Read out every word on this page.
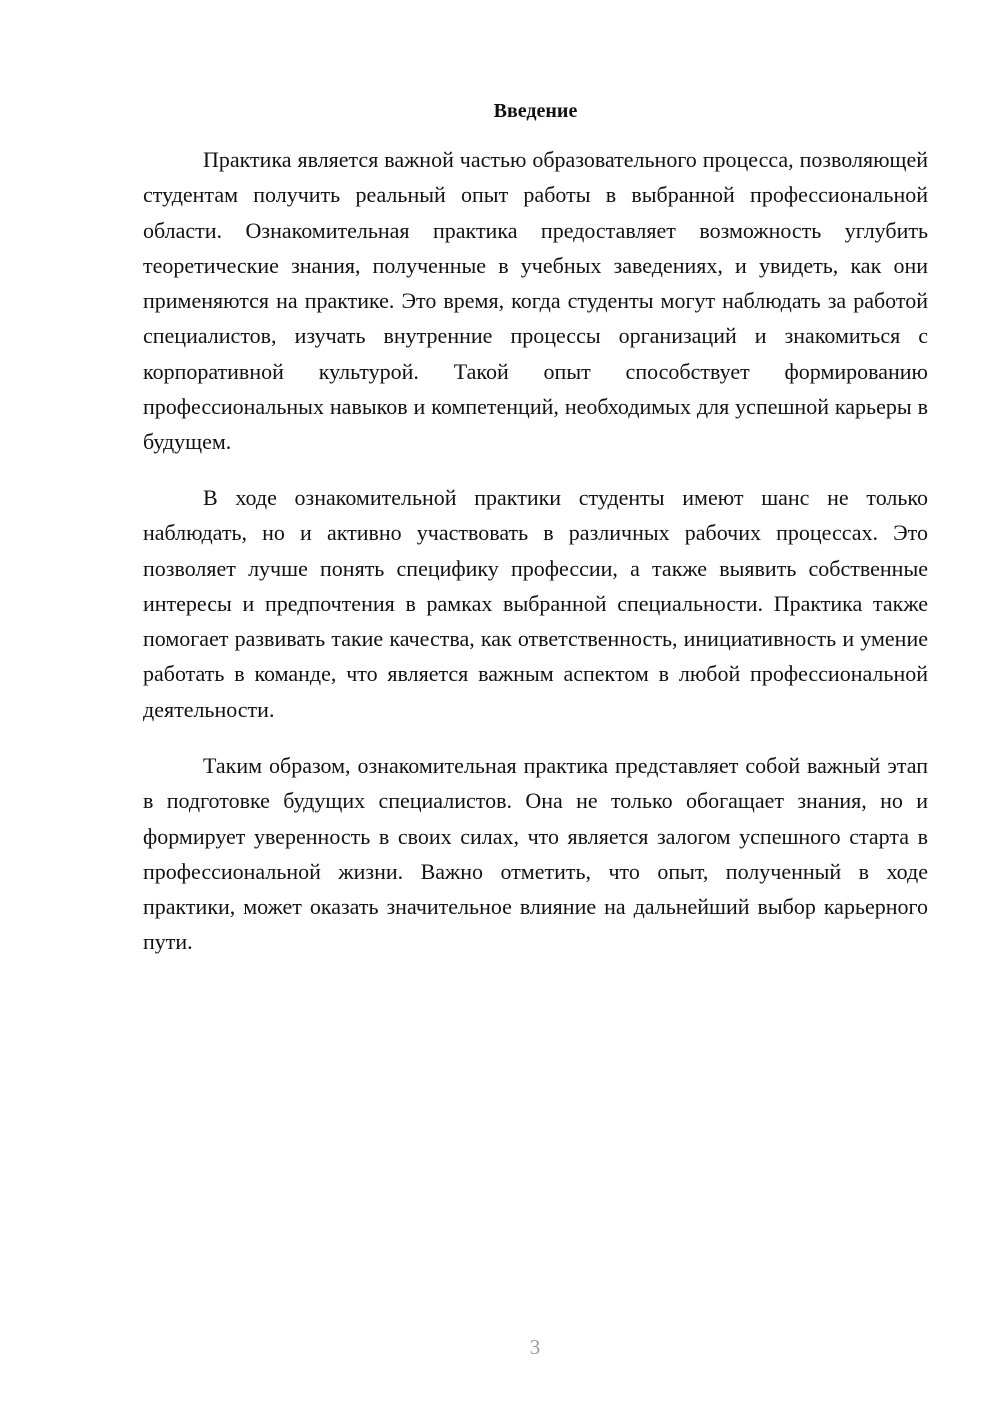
Введение

Практика является важной частью образовательного процесса, позволяющей студентам получить реальный опыт работы в выбранной профессиональной области. Ознакомительная практика предоставляет возможность углубить теоретические знания, полученные в учебных заведениях, и увидеть, как они применяются на практике. Это время, когда студенты могут наблюдать за работой специалистов, изучать внутренние процессы организаций и знакомиться с корпоративной культурой. Такой опыт способствует формированию профессиональных навыков и компетенций, необходимых для успешной карьеры в будущем.

В ходе ознакомительной практики студенты имеют шанс не только наблюдать, но и активно участвовать в различных рабочих процессах. Это позволяет лучше понять специфику профессии, а также выявить собственные интересы и предпочтения в рамках выбранной специальности. Практика также помогает развивать такие качества, как ответственность, инициативность и умение работать в команде, что является важным аспектом в любой профессиональной деятельности.

Таким образом, ознакомительная практика представляет собой важный этап в подготовке будущих специалистов. Она не только обогащает знания, но и формирует уверенность в своих силах, что является залогом успешного старта в профессиональной жизни. Важно отметить, что опыт, полученный в ходе практики, может оказать значительное влияние на дальнейший выбор карьерного пути.

3
